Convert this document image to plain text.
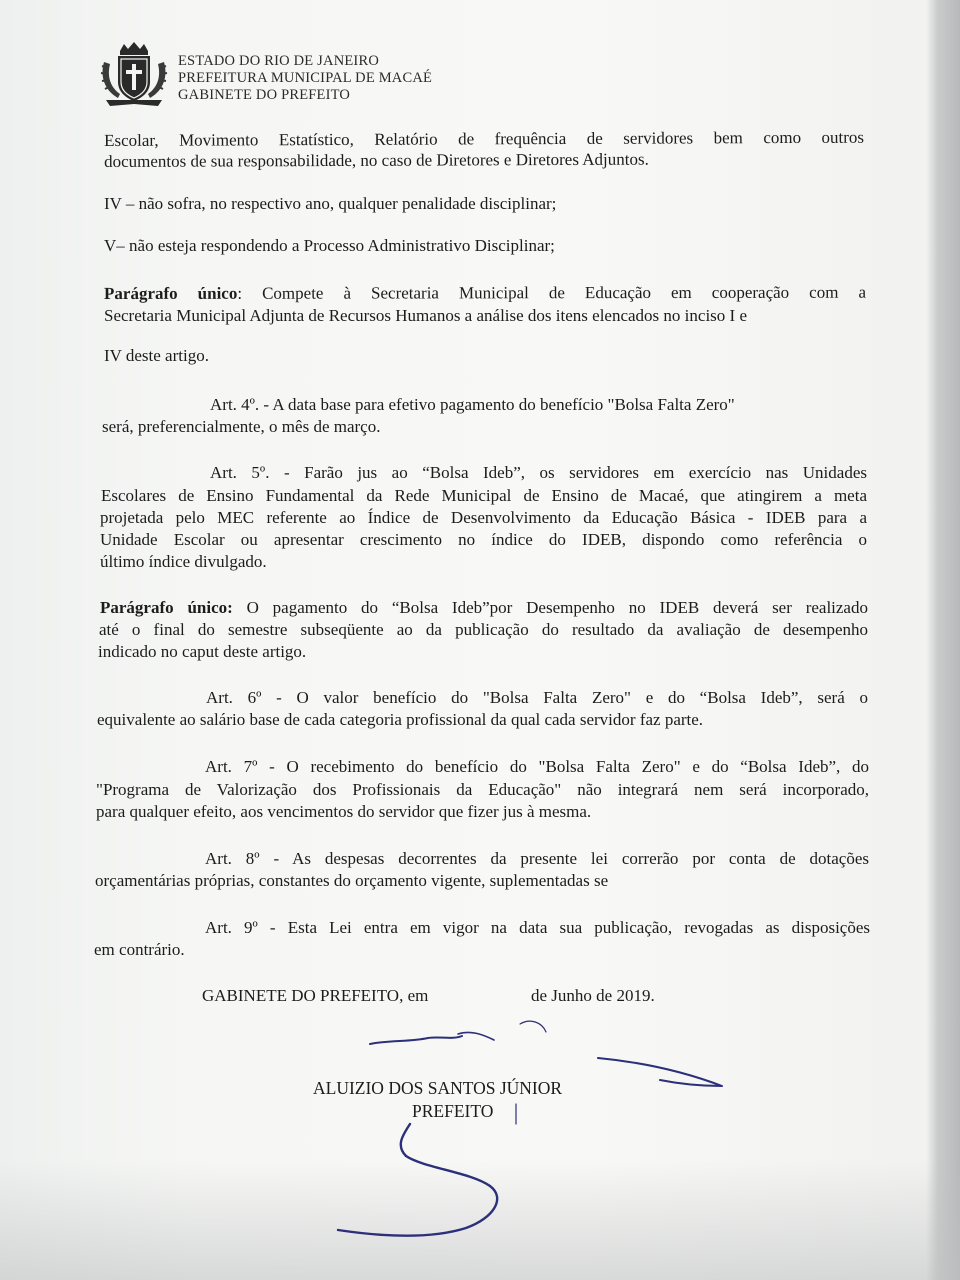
ESTADO DO RIO DE JANEIRO
PREFEITURA MUNICIPAL DE MACAÉ
GABINETE DO PREFEITO
Escolar, Movimento Estatístico, Relatório de frequência de servidores bem como outros
documentos de sua responsabilidade, no caso de Diretores e Diretores Adjuntos.
IV – não sofra, no respectivo ano, qualquer penalidade disciplinar;
V– não esteja respondendo a Processo Administrativo Disciplinar;
Parágrafo único: Compete à Secretaria Municipal de Educação em cooperação com a
Secretaria Municipal Adjunta de Recursos Humanos a análise dos itens elencados no inciso I e
IV deste artigo.
Art. 4º. - A data base para efetivo pagamento do benefício "Bolsa Falta Zero"
será, preferencialmente, o mês de março.
Art. 5º. - Farão jus ao “Bolsa Ideb”, os servidores em exercício nas Unidades
Escolares de Ensino Fundamental da Rede Municipal de Ensino de Macaé, que atingirem a meta
projetada pelo MEC referente ao Índice de Desenvolvimento da Educação Básica - IDEB para a
Unidade Escolar ou apresentar crescimento no índice do IDEB, dispondo como referência o
último índice divulgado.
Parágrafo único: O pagamento do “Bolsa Ideb”por Desempenho no IDEB deverá ser realizado
até o final do semestre subseqüente ao da publicação do resultado da avaliação de desempenho
indicado no caput deste artigo.
Art. 6º - O valor benefício do "Bolsa Falta Zero" e do “Bolsa Ideb”, será o
equivalente ao salário base de cada categoria profissional da qual cada servidor faz parte.
Art. 7º - O recebimento do benefício do "Bolsa Falta Zero" e do “Bolsa Ideb”, do
"Programa de Valorização dos Profissionais da Educação" não integrará nem será incorporado,
para qualquer efeito, aos vencimentos do servidor que fizer jus à mesma.
Art. 8º - As despesas decorrentes da presente lei correrão por conta de dotações
orçamentárias próprias, constantes do orçamento vigente, suplementadas se
Art. 9º - Esta Lei entra em vigor na data sua publicação, revogadas as disposições
em contrário.
GABINETE DO PREFEITO, em	de Junho de 2019.
ALUIZIO DOS SANTOS JÚNIOR
PREFEITO
